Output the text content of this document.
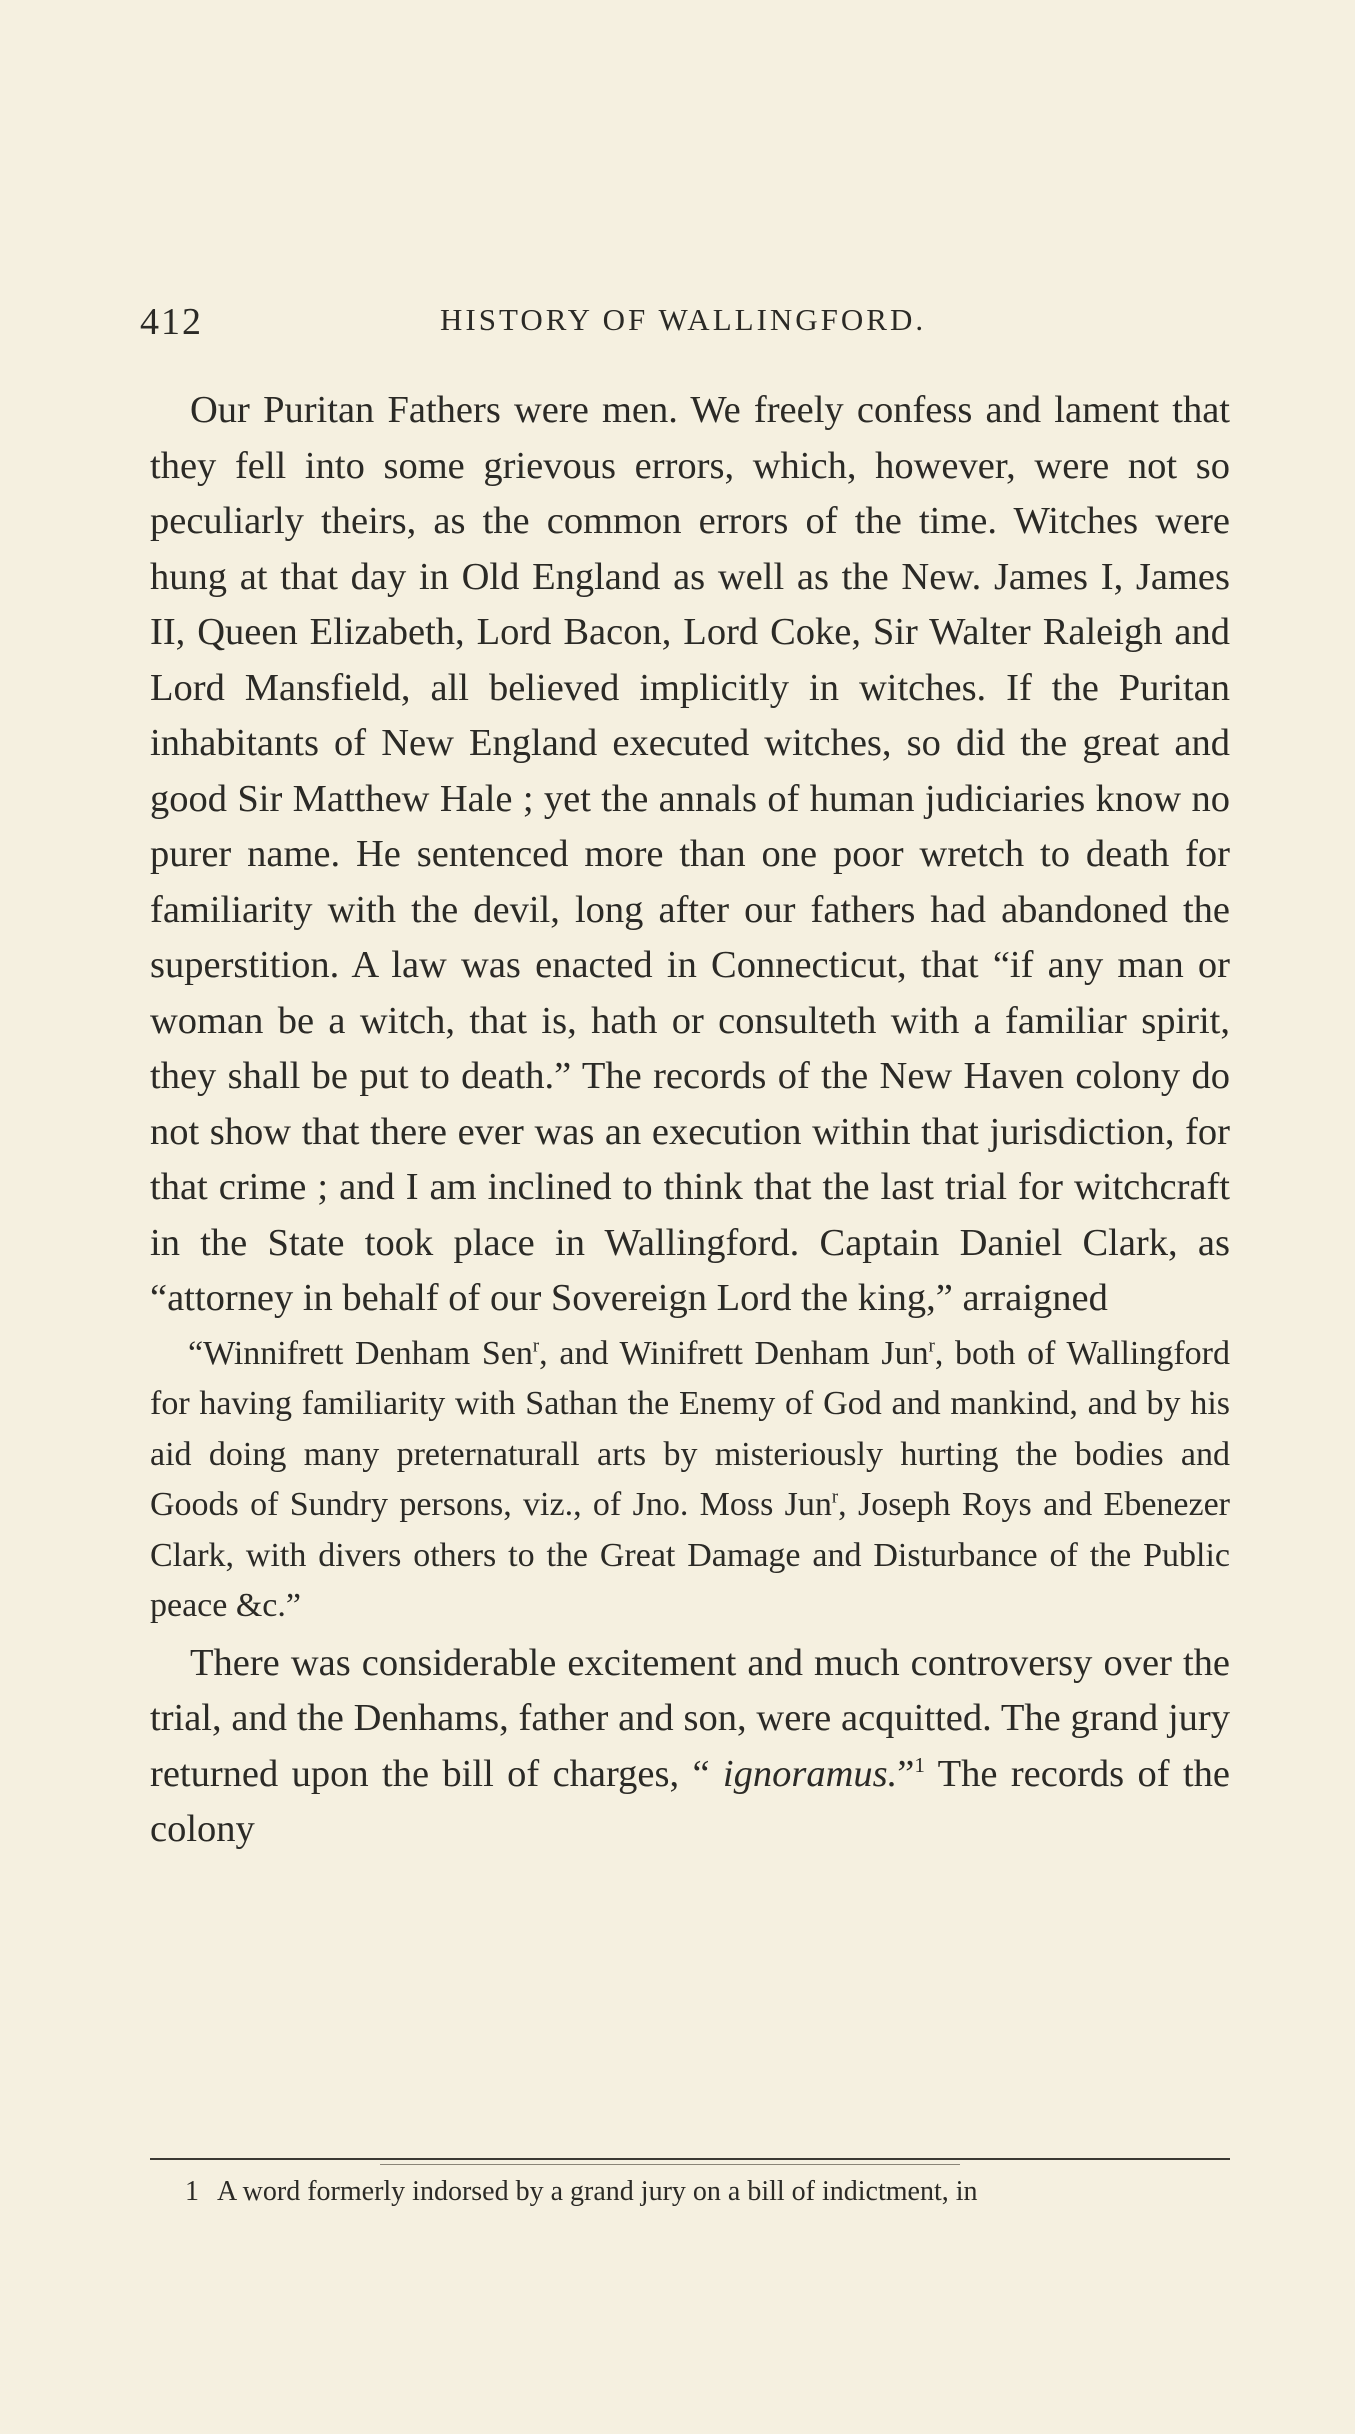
412	HISTORY OF WALLINGFORD.

Our Puritan Fathers were men. We freely confess and lament that they fell into some grievous errors, which, however, were not so peculiarly theirs, as the common errors of the time. Witches were hung at that day in Old England as well as the New. James I, James II, Queen Elizabeth, Lord Bacon, Lord Coke, Sir Walter Raleigh and Lord Mansfield, all believed implicitly in witches. If the Puritan inhabitants of New England executed witches, so did the great and good Sir Matthew Hale ; yet the annals of human judiciaries know no purer name. He sentenced more than one poor wretch to death for familiarity with the devil, long after our fathers had abandoned the superstition. A law was enacted in Connecticut, that “if any man or woman be a witch, that is, hath or consulteth with a familiar spirit, they shall be put to death.” The records of the New Haven colony do not show that there ever was an execution within that jurisdiction, for that crime ; and I am inclined to think that the last trial for witchcraft in the State took place in Wallingford. Captain Daniel Clark, as “attorney in behalf of our Sovereign Lord the king,” arraigned

“Winnifrett Denham Sen$^r$, and Winifrett Denham Jun$^r$, both of Wallingford for having familiarity with Sathan the Enemy of God and mankind, and by his aid doing many preternaturall arts by misteriously hurting the bodies and Goods of Sundry persons, viz., of Jno. Moss Jun$^r$, Joseph Roys and Ebenezer Clark, with divers others to the Great Damage and Disturbance of the Public peace &c.”

There was considerable excitement and much controversy over the trial, and the Denhams, father and son, were acquitted. The grand jury returned upon the bill of charges, “ ignoramus.”$^1$ The records of the colony

1 A word formerly indorsed by a grand jury on a bill of indictment, in
